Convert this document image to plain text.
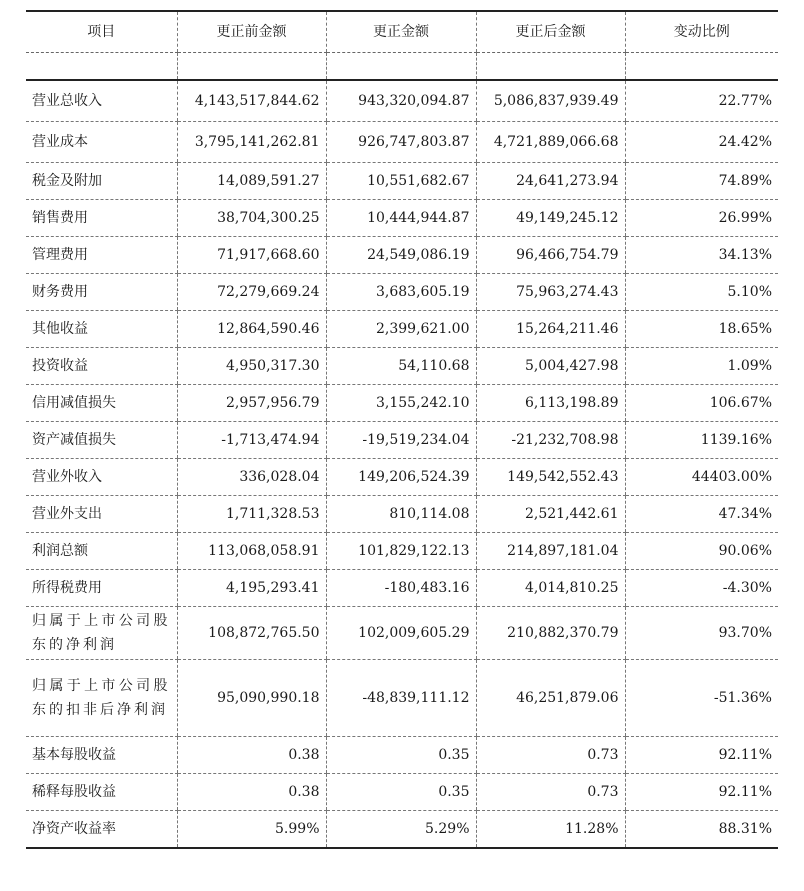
项目	更正前金额	更正金额	更正后金额	变动比例

营业总收入	4,143,517,844.62	943,320,094.87	5,086,837,939.49	22.77%
营业成本	3,795,141,262.81	926,747,803.87	4,721,889,066.68	24.42%
税金及附加	14,089,591.27	10,551,682.67	24,641,273.94	74.89%
销售费用	38,704,300.25	10,444,944.87	49,149,245.12	26.99%
管理费用	71,917,668.60	24,549,086.19	96,466,754.79	34.13%
财务费用	72,279,669.24	3,683,605.19	75,963,274.43	5.10%
其他收益	12,864,590.46	2,399,621.00	15,264,211.46	18.65%
投资收益	4,950,317.30	54,110.68	5,004,427.98	1.09%
信用减值损失	2,957,956.79	3,155,242.10	6,113,198.89	106.67%
资产减值损失	-1,713,474.94	-19,519,234.04	-21,232,708.98	1139.16%
营业外收入	336,028.04	149,206,524.39	149,542,552.43	44403.00%
营业外支出	1,711,328.53	810,114.08	2,521,442.61	47.34%
利润总额	113,068,058.91	101,829,122.13	214,897,181.04	90.06%
所得税费用	4,195,293.41	-180,483.16	4,014,810.25	-4.30%
归属于上市公司股东的净利润	108,872,765.50	102,009,605.29	210,882,370.79	93.70%
归属于上市公司股东的扣非后净利润	95,090,990.18	-48,839,111.12	46,251,879.06	-51.36%
基本每股收益	0.38	0.35	0.73	92.11%
稀释每股收益	0.38	0.35	0.73	92.11%
净资产收益率	5.99%	5.29%	11.28%	88.31%
